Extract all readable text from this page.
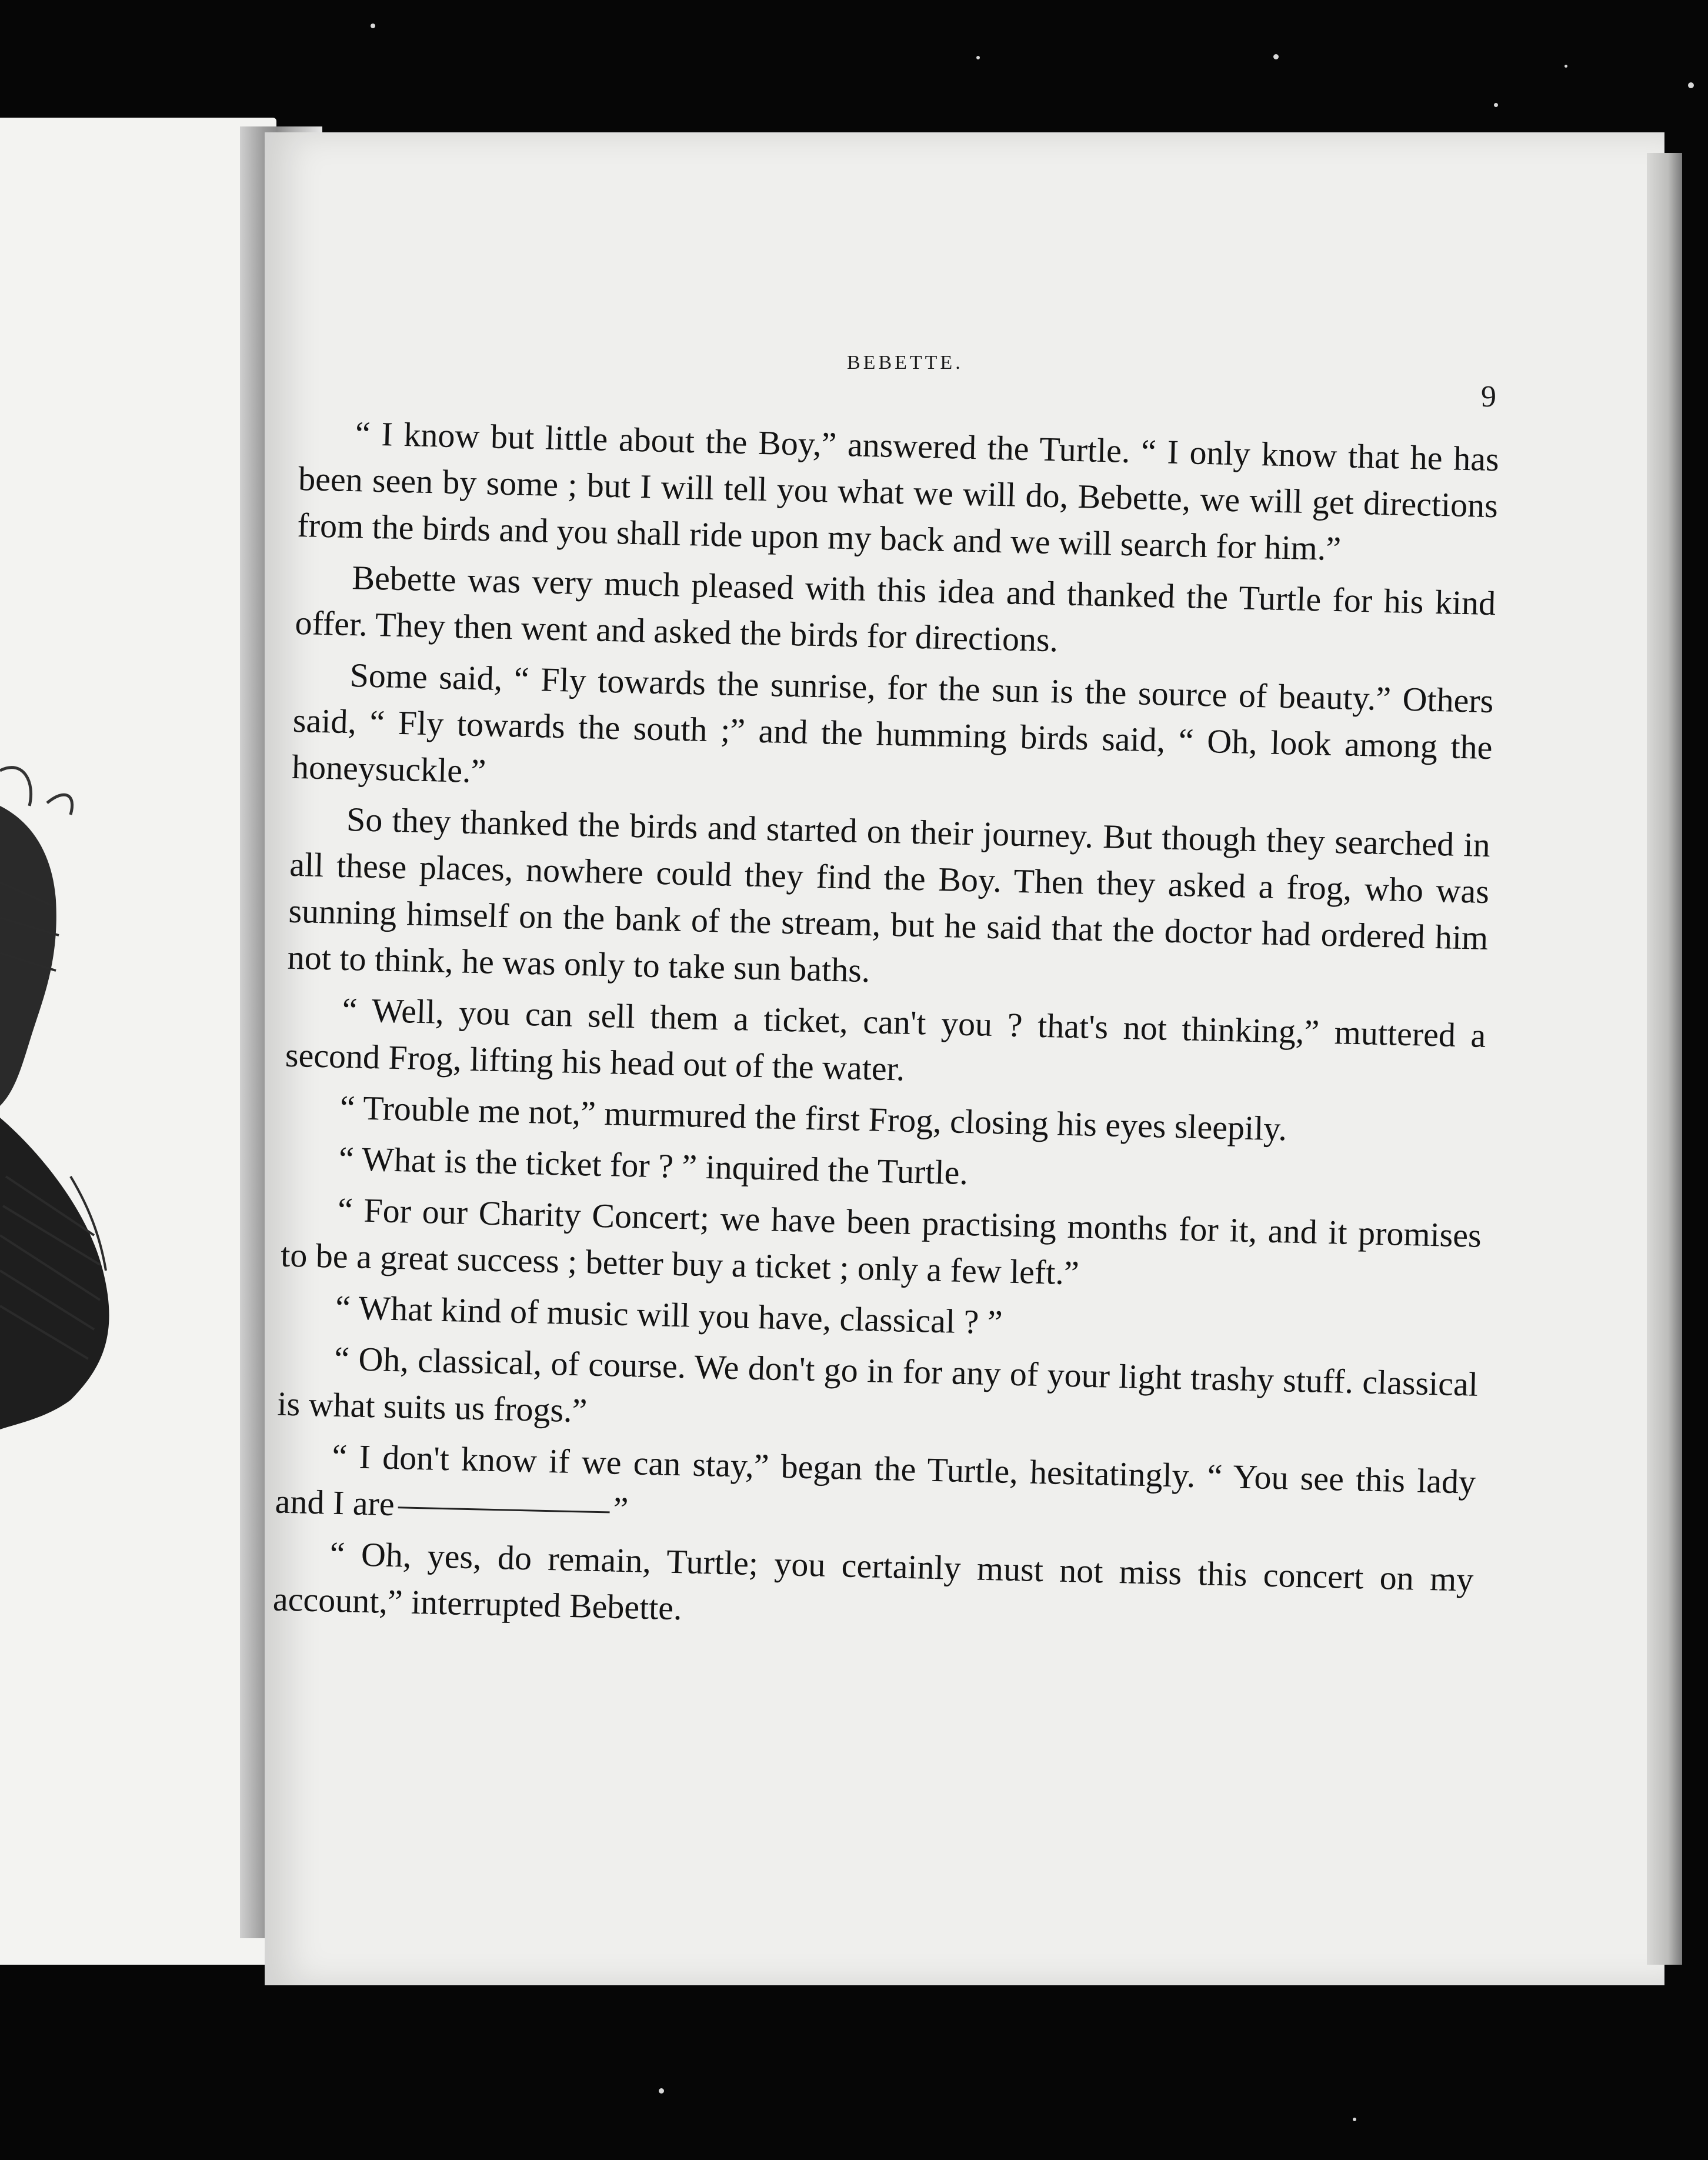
BEBETTE.
9

“ I know but little about the Boy,” answered the Turtle. “ I only know that he has been seen by some ; but I will tell you what we will do, Bebette, we will get directions from the birds and you shall ride upon my back and we will search for him.”

Bebette was very much pleased with this idea and thanked the Turtle for his kind offer. They then went and asked the birds for directions.

Some said, “ Fly towards the sunrise, for the sun is the source of beauty.” Others said, “ Fly towards the south ;” and the humming birds said, “ Oh, look among the honeysuckle.”

So they thanked the birds and started on their journey. But though they searched in all these places, nowhere could they find the Boy. Then they asked a frog, who was sunning himself on the bank of the stream, but he said that the doctor had ordered him not to think, he was only to take sun baths.

“ Well, you can sell them a ticket, can't you ? that's not thinking,” muttered a second Frog, lifting his head out of the water.

“ Trouble me not,” murmured the first Frog, closing his eyes sleepily.

“ What is the ticket for ? ” inquired the Turtle.

“ For our Charity Concert; we have been practising months for it, and it promises to be a great success ; better buy a ticket ; only a few left.”

“ What kind of music will you have, classical ? ”

“ Oh, classical, of course. We don't go in for any of your light trashy stuff. classical is what suits us frogs.”

“ I don't know if we can stay,” began the Turtle, hesitatingly. “ You see this lady and I are	”

“ Oh, yes, do remain, Turtle; you certainly must not miss this concert on my account,” interrupted Bebette.
